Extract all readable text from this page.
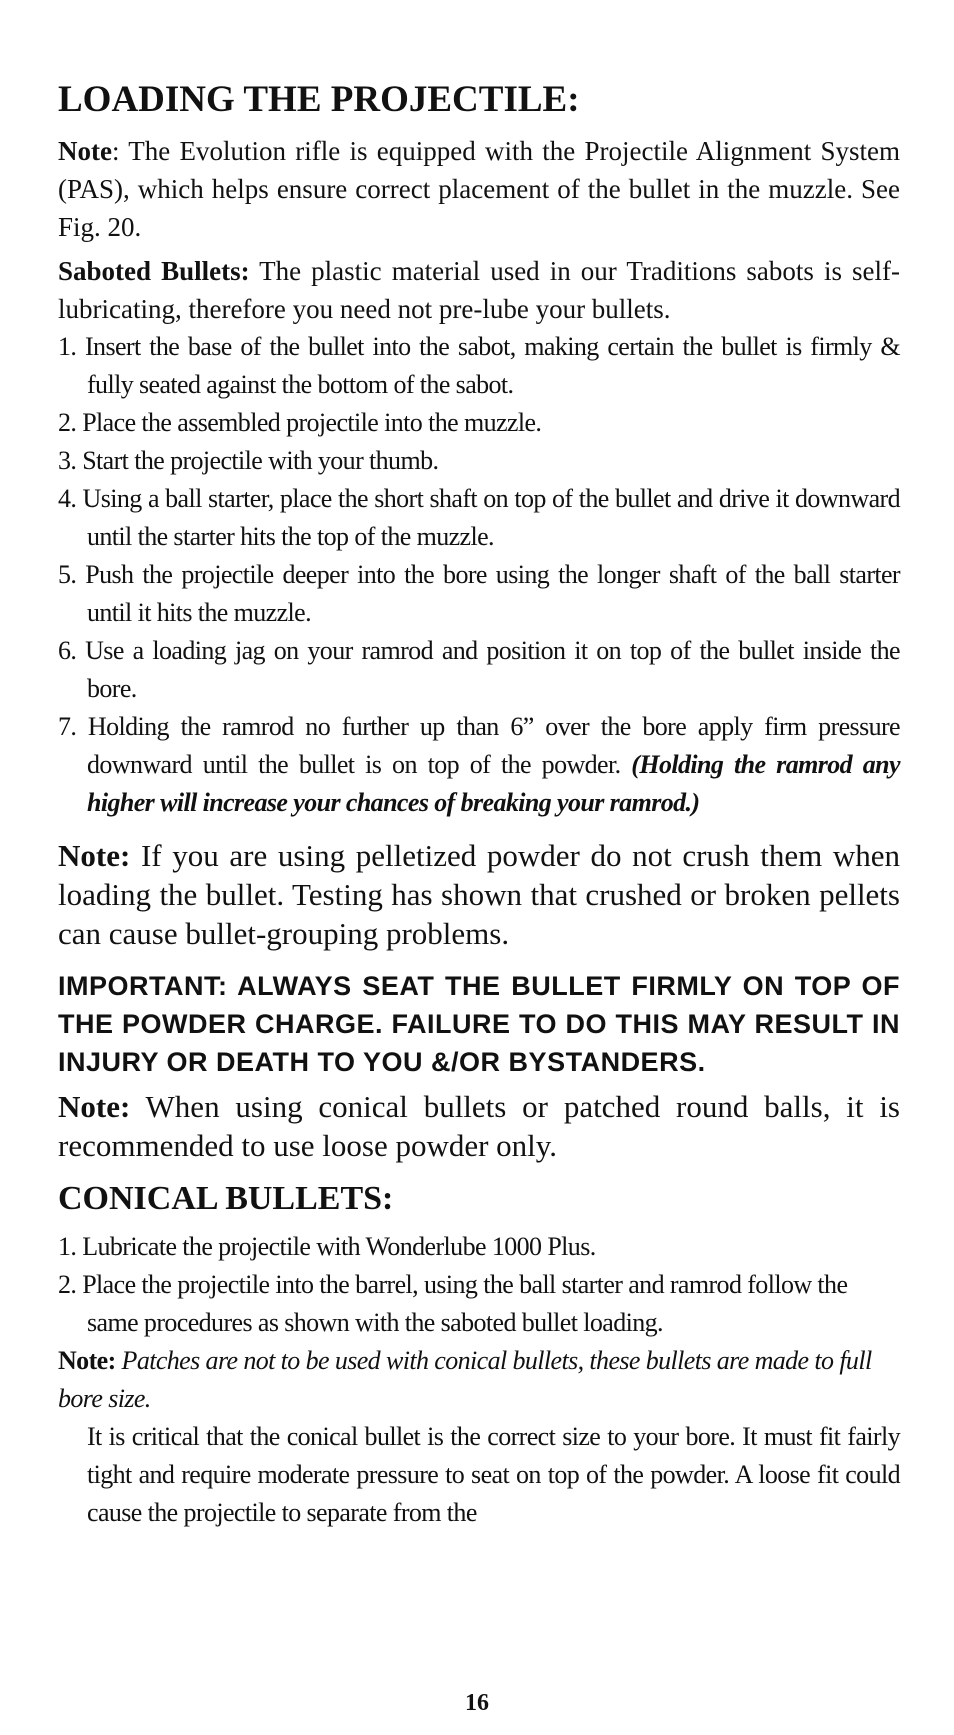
LOADING THE PROJECTILE:

Note: The Evolution rifle is equipped with the Projectile Alignment System (PAS), which helps ensure correct placement of the bullet in the muzzle. See Fig. 20.

Saboted Bullets: The plastic material used in our Traditions sabots is self-lubricating, therefore you need not pre-lube your bullets.

1. Insert the base of the bullet into the sabot, making certain the bullet is firmly & fully seated against the bottom of the sabot.
2. Place the assembled projectile into the muzzle.
3. Start the projectile with your thumb.
4. Using a ball starter, place the short shaft on top of the bullet and drive it downward until the starter hits the top of the muzzle.
5. Push the projectile deeper into the bore using the longer shaft of the ball starter until it hits the muzzle.
6. Use a loading jag on your ramrod and position it on top of the bullet inside the bore.
7. Holding the ramrod no further up than 6” over the bore apply firm pressure downward until the bullet is on top of the powder. (Holding the ramrod any higher will increase your chances of breaking your ramrod.)

Note: If you are using pelletized powder do not crush them when loading the bullet. Testing has shown that crushed or broken pellets can cause bullet-grouping problems.

IMPORTANT: ALWAYS SEAT THE BULLET FIRMLY ON TOP OF THE POWDER CHARGE. FAILURE TO DO THIS MAY RESULT IN INJURY OR DEATH TO YOU &/OR BYSTANDERS.

Note: When using conical bullets or patched round balls, it is recommended to use loose powder only.

CONICAL BULLETS:
1. Lubricate the projectile with Wonderlube 1000 Plus.
2. Place the projectile into the barrel, using the ball starter and ramrod follow the same procedures as shown with the saboted bullet loading.

Note: Patches are not to be used with conical bullets, these bullets are made to full bore size.

It is critical that the conical bullet is the correct size to your bore. It must fit fairly tight and require moderate pressure to seat on top of the powder. A loose fit could cause the projectile to separate from the

16
